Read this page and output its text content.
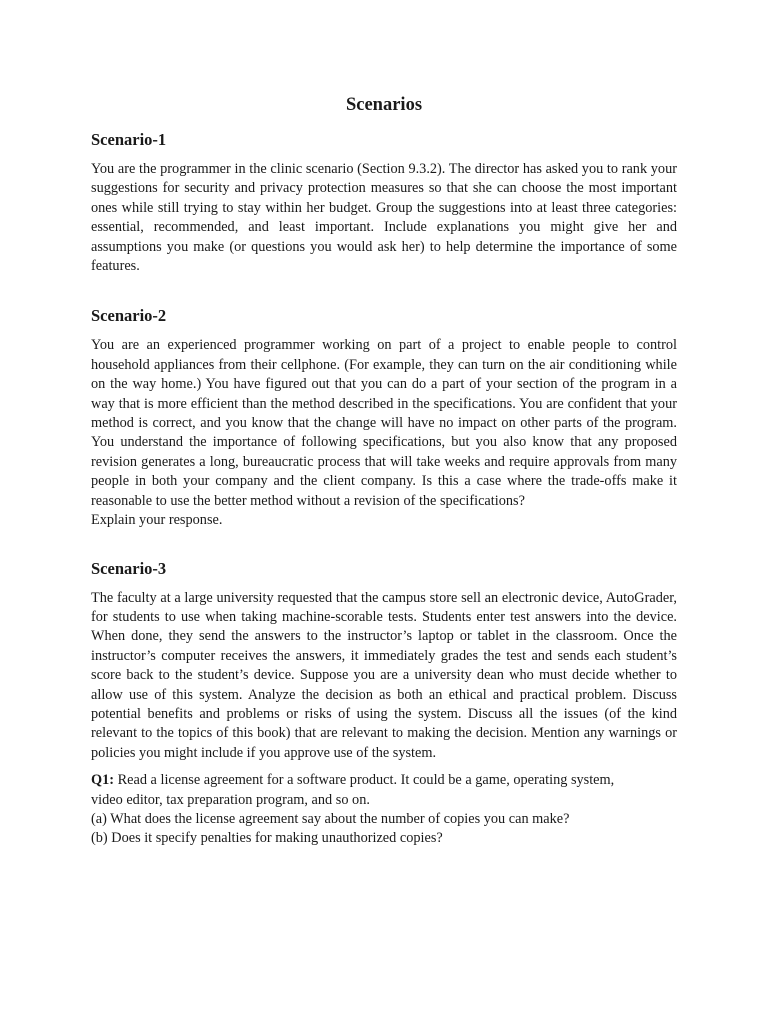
Scenarios
Scenario-1

You are the programmer in the clinic scenario (Section 9.3.2). The director has asked you to rank your suggestions for security and privacy protection measures so that she can choose the most important ones while still trying to stay within her budget. Group the suggestions into at least three categories: essential, recommended, and least important. Include explanations you might give her and assumptions you make (or questions you would ask her) to help determine the importance of some features.

Scenario-2

You are an experienced programmer working on part of a project to enable people to control household appliances from their cellphone. (For example, they can turn on the air conditioning while on the way home.) You have figured out that you can do a part of your section of the program in a way that is more efficient than the method described in the specifications. You are confident that your method is correct, and you know that the change will have no impact on other parts of the program. You understand the importance of following specifications, but you also know that any proposed revision generates a long, bureaucratic process that will take weeks and require approvals from many people in both your company and the client company. Is this a case where the trade-offs make it reasonable to use the better method without a revision of the specifications?

Explain your response.

Scenario-3

The faculty at a large university requested that the campus store sell an electronic device, AutoGrader, for students to use when taking machine-scorable tests. Students enter test answers into the device. When done, they send the answers to the instructor’s laptop or tablet in the classroom. Once the instructor’s computer receives the answers, it immediately grades the test and sends each student’s score back to the student’s device. Suppose you are a university dean who must decide whether to allow use of this system. Analyze the decision as both an ethical and practical problem. Discuss potential benefits and problems or risks of using the system. Discuss all the issues (of the kind relevant to the topics of this book) that are relevant to making the decision. Mention any warnings or policies you might include if you approve use of the system.

Q1: Read a license agreement for a software product. It could be a game, operating system,

video editor, tax preparation program, and so on.

(a) What does the license agreement say about the number of copies you can make?

(b) Does it specify penalties for making unauthorized copies?
